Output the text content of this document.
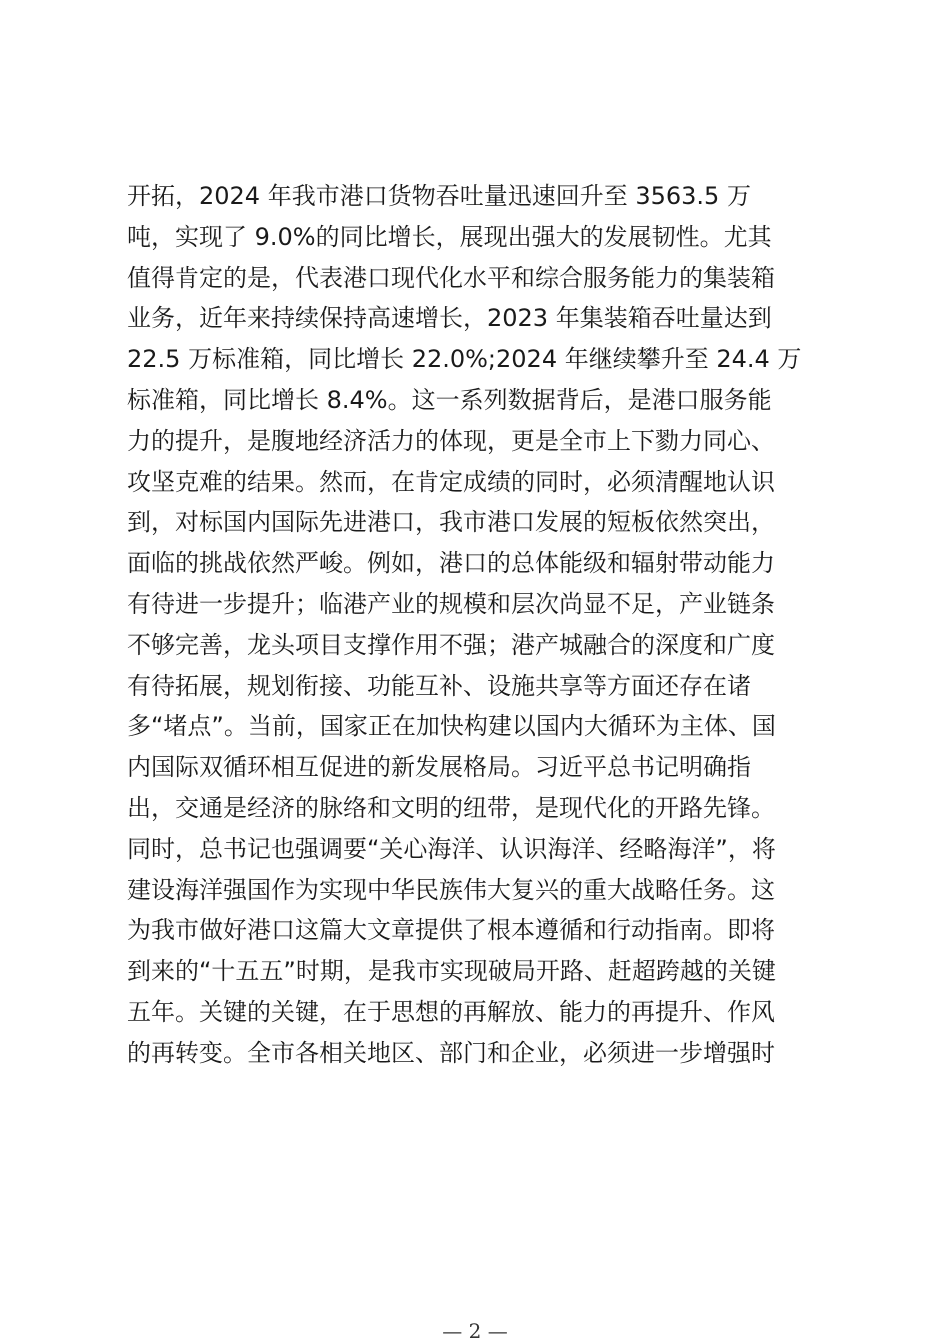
开拓，2024 年我市港口货物吞吐量迅速回升至 3563.5 万
吨，实现了 9.0%的同比增长，展现出强大的发展韧性。尤其
值得肯定的是，代表港口现代化水平和综合服务能力的集装箱
业务，近年来持续保持高速增长，2023 年集装箱吞吐量达到
22.5 万标准箱，同比增长 22.0%;2024 年继续攀升至 24.4 万
标准箱，同比增长 8.4%。这一系列数据背后，是港口服务能
力的提升，是腹地经济活力的体现，更是全市上下勠力同心、
攻坚克难的结果。然而，在肯定成绩的同时，必须清醒地认识
到，对标国内国际先进港口，我市港口发展的短板依然突出，
面临的挑战依然严峻。例如，港口的总体能级和辐射带动能力
有待进一步提升；临港产业的规模和层次尚显不足，产业链条
不够完善，龙头项目支撑作用不强；港产城融合的深度和广度
有待拓展，规划衔接、功能互补、设施共享等方面还存在诸
多“堵点”。当前，国家正在加快构建以国内大循环为主体、国
内国际双循环相互促进的新发展格局。习近平总书记明确指
出，交通是经济的脉络和文明的纽带，是现代化的开路先锋。
同时，总书记也强调要“关心海洋、认识海洋、经略海洋”，将
建设海洋强国作为实现中华民族伟大复兴的重大战略任务。这
为我市做好港口这篇大文章提供了根本遵循和行动指南。即将
到来的“十五五”时期，是我市实现破局开路、赶超跨越的关键
五年。关键的关键，在于思想的再解放、能力的再提升、作风
的再转变。全市各相关地区、部门和企业，必须进一步增强时
— 2 —
